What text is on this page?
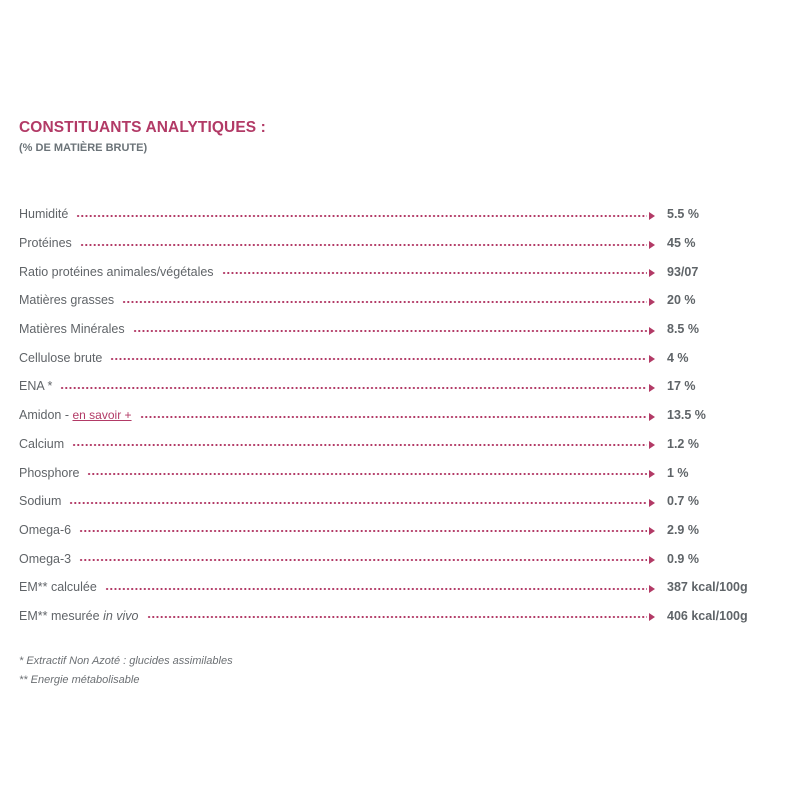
CONSTITUANTS ANALYTIQUES :
(% DE MATIÈRE BRUTE)
Humidité	5.5 %
Protéines	45 %
Ratio protéines animales/végétales	93/07
Matières grasses	20 %
Matières Minérales	8.5 %
Cellulose brute	4 %
ENA *	17 %
Amidon - en savoir +	13.5 %
Calcium	1.2 %
Phosphore	1 %
Sodium	0.7 %
Omega-6	2.9 %
Omega-3	0.9 %
EM** calculée	387 kcal/100g
EM** mesurée in vivo	406 kcal/100g
* Extractif Non Azoté : glucides assimilables
** Energie métabolisable
